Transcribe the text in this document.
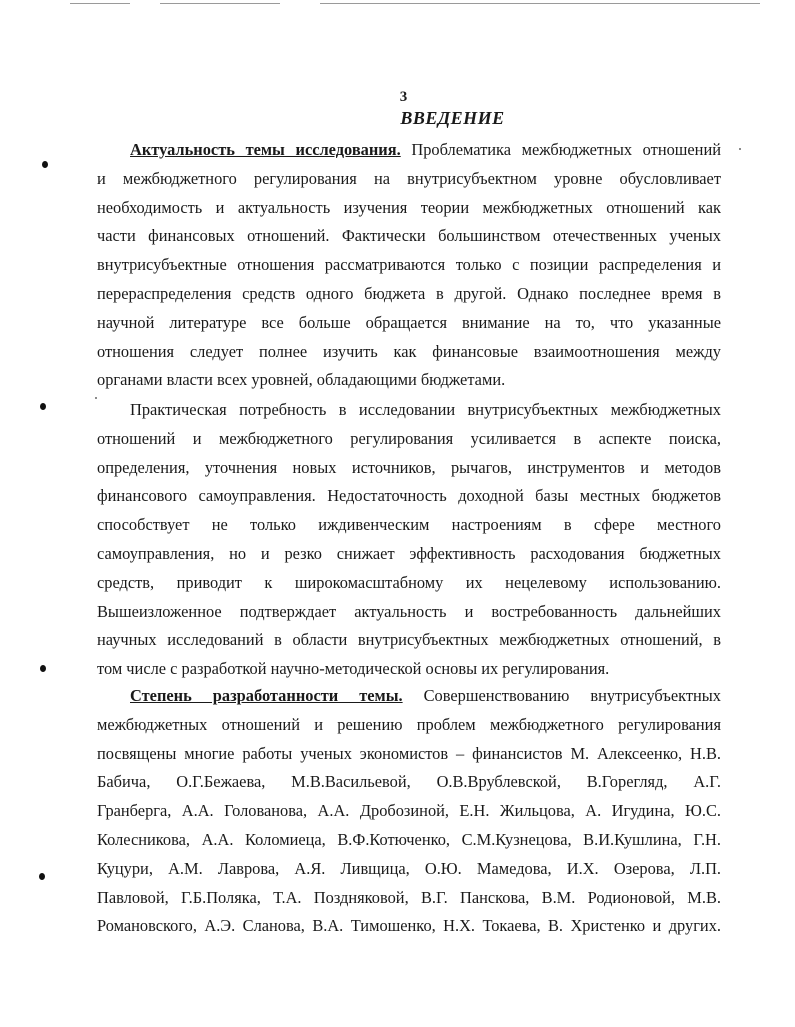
3
ВВЕДЕНИЕ
Актуальность темы исследования. Проблематика межбюджетных отношений
и межбюджетного регулирования на внутрисубъектном уровне обусловливает
необходимость и актуальность изучения теории межбюджетных отношений как
части финансовых отношений. Фактически большинством отечественных ученых
внутрисубъектные отношения рассматриваются только с позиции распределения и
перераспределения средств одного бюджета в другой. Однако последнее время в
научной литературе все больше обращается внимание на то, что указанные
отношения следует полнее изучить как финансовые взаимоотношения между
органами власти всех уровней, обладающими бюджетами.
Практическая потребность в исследовании внутрисубъектных межбюджетных
отношений и межбюджетного регулирования усиливается в аспекте поиска,
определения, уточнения новых источников, рычагов, инструментов и методов
финансового самоуправления. Недостаточность доходной базы местных бюджетов
способствует не только иждивенческим настроениям в сфере местного
самоуправления, но и резко снижает эффективность расходования бюджетных
средств, приводит к широкомасштабному их нецелевому использованию.
Вышеизложенное подтверждает актуальность и востребованность дальнейших
научных исследований в области внутрисубъектных межбюджетных отношений, в
том числе с разработкой научно-методической основы их регулирования.
Степень разработанности темы. Совершенствованию внутрисубъектных
межбюджетных отношений и решению проблем межбюджетного регулирования
посвящены многие работы ученых экономистов – финансистов М. Алексеенко, Н.В.
Бабича, О.Г.Бежаева, М.В.Васильевой, О.В.Врублевской, В.Горегляд, А.Г.
Гранберга, А.А. Голованова, А.А. Дробозиной, Е.Н. Жильцова, А. Игудина, Ю.С.
Колесникова, А.А. Коломиеца, В.Ф.Котюченко, С.М.Кузнецова, В.И.Кушлина, Г.Н.
Куцури, А.М. Лаврова, А.Я. Ливщица, О.Ю. Мамедова, И.Х. Озерова, Л.П.
Павловой, Г.Б.Поляка, Т.А. Поздняковой, В.Г. Панскова, В.М. Родионовой, М.В.
Романовского, А.Э. Сланова, В.А. Тимошенко, Н.Х. Токаева, В. Христенко и других.
